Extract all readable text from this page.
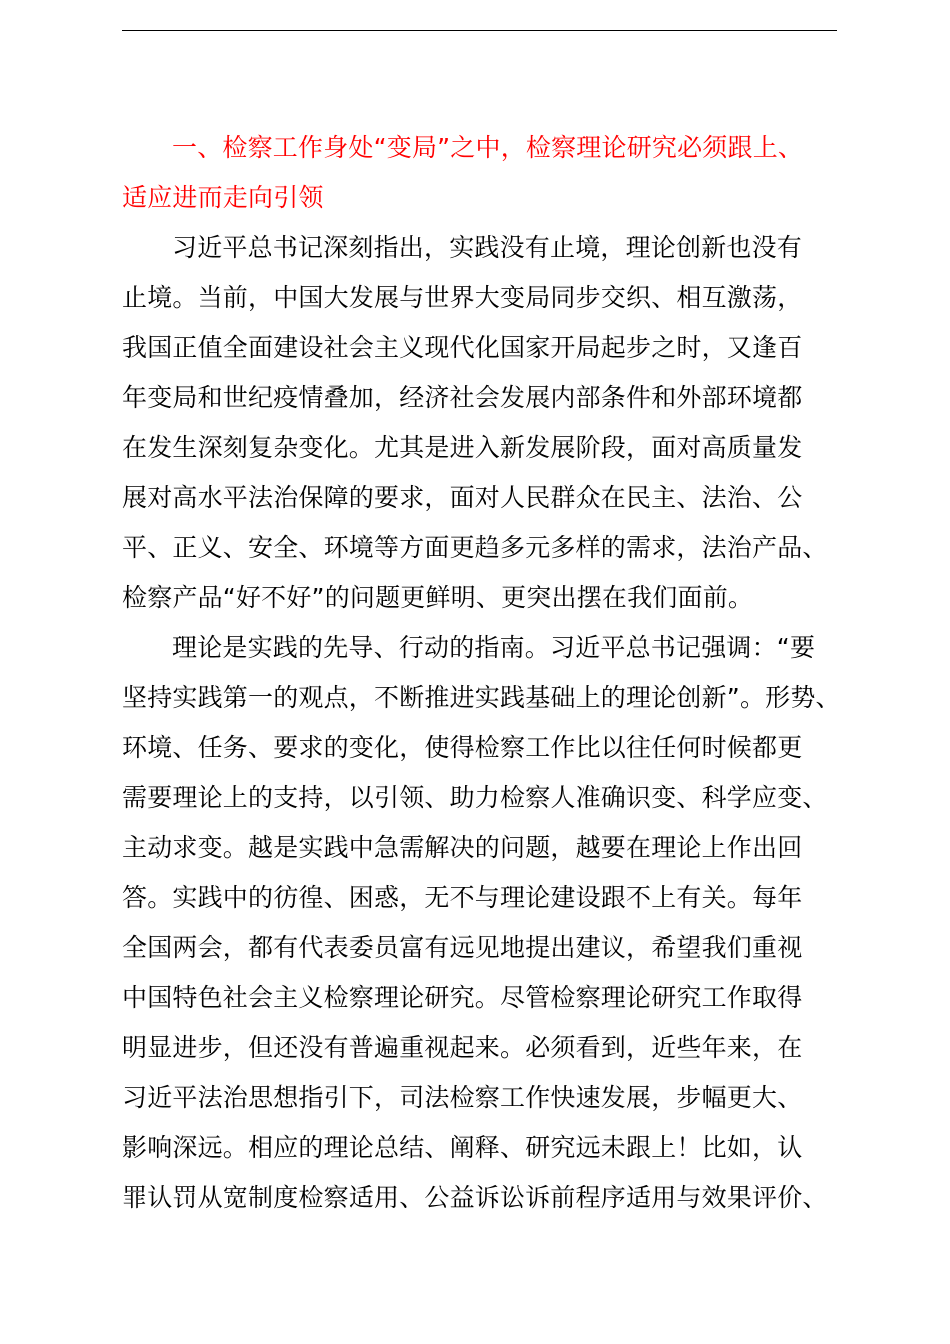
一、检察工作身处“变局”之中，检察理论研究必须跟上、
适应进而走向引领
习近平总书记深刻指出，实践没有止境，理论创新也没有
止境。当前，中国大发展与世界大变局同步交织、相互激荡，
我国正值全面建设社会主义现代化国家开局起步之时，又逢百
年变局和世纪疫情叠加，经济社会发展内部条件和外部环境都
在发生深刻复杂变化。尤其是进入新发展阶段，面对高质量发
展对高水平法治保障的要求，面对人民群众在民主、法治、公
平、正义、安全、环境等方面更趋多元多样的需求，法治产品、
检察产品“好不好”的问题更鲜明、更突出摆在我们面前。
理论是实践的先导、行动的指南。习近平总书记强调：“要
坚持实践第一的观点，不断推进实践基础上的理论创新”。形势、
环境、任务、要求的变化，使得检察工作比以往任何时候都更
需要理论上的支持，以引领、助力检察人准确识变、科学应变、
主动求变。越是实践中急需解决的问题，越要在理论上作出回
答。实践中的彷徨、困惑，无不与理论建设跟不上有关。每年
全国两会，都有代表委员富有远见地提出建议，希望我们重视
中国特色社会主义检察理论研究。尽管检察理论研究工作取得
明显进步，但还没有普遍重视起来。必须看到，近些年来，在
习近平法治思想指引下，司法检察工作快速发展，步幅更大、
影响深远。相应的理论总结、阐释、研究远未跟上！比如，认
罪认罚从宽制度检察适用、公益诉讼诉前程序适用与效果评价、
